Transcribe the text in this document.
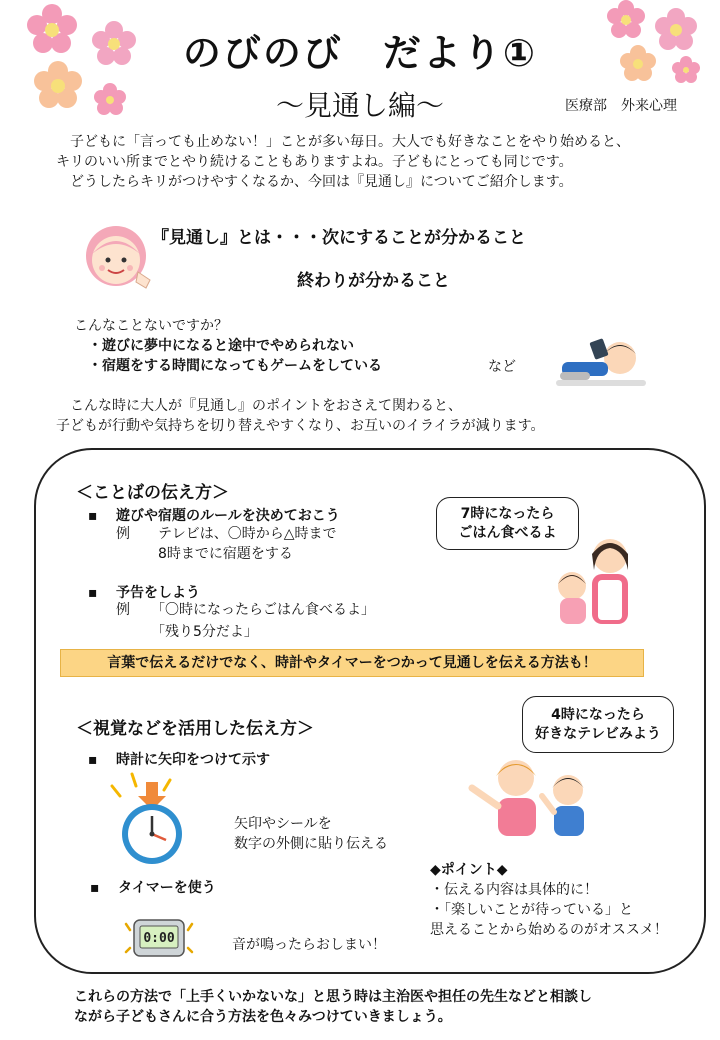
のびのび　だより①
～見通し編～	医療部　外来心理

　子どもに「言っても止めない！」ことが多い毎日。大人でも好きなことをやり始めると、

キリのいい所までとやり続けることもありますよね。子どもにとっても同じです。

　どうしたらキリがつけやすくなるか、今回は『見通し』についてご紹介します。

『見通し』とは・・・次にすることが分かること
終わりが分かること
こんなことないですか？
・遊びに夢中になると途中でやめられない
・宿題をする時間になってもゲームをしている	など

　こんな時に大人が『見通し』のポイントをおさえて関わると、

子どもが行動や気持ちを切り替えやすくなり、お互いのイライラが減ります。

＜ことばの伝え方＞
▪　 遊びや宿題のルールを決めておこう
例　　テレビは、〇時から△時まで
　　　8時までに宿題をする
▪　 予告をしよう
例　　「〇時になったらごはん食べるよ」
　　　「残り5分だよ」
7時になったら
ごはん食べるよ
言葉で伝えるだけでなく、時計やタイマーをつかって見通しを伝える方法も！
＜視覚などを活用した伝え方＞
▪　 時計に矢印をつけて示す
矢印やシールを
数字の外側に貼り伝える
4時になったら
好きなテレビみよう
▪　 タイマーを使う
0:00	音が鳴ったらおしまい！
◆ポイント◆
・伝える内容は具体的に！
・「楽しいことが待っている」と
思えることから始めるのがオススメ！

これらの方法で「上手くいかないな」と思う時は主治医や担任の先生などと相談し

ながら子どもさんに合う方法を色々みつけていきましょう。
